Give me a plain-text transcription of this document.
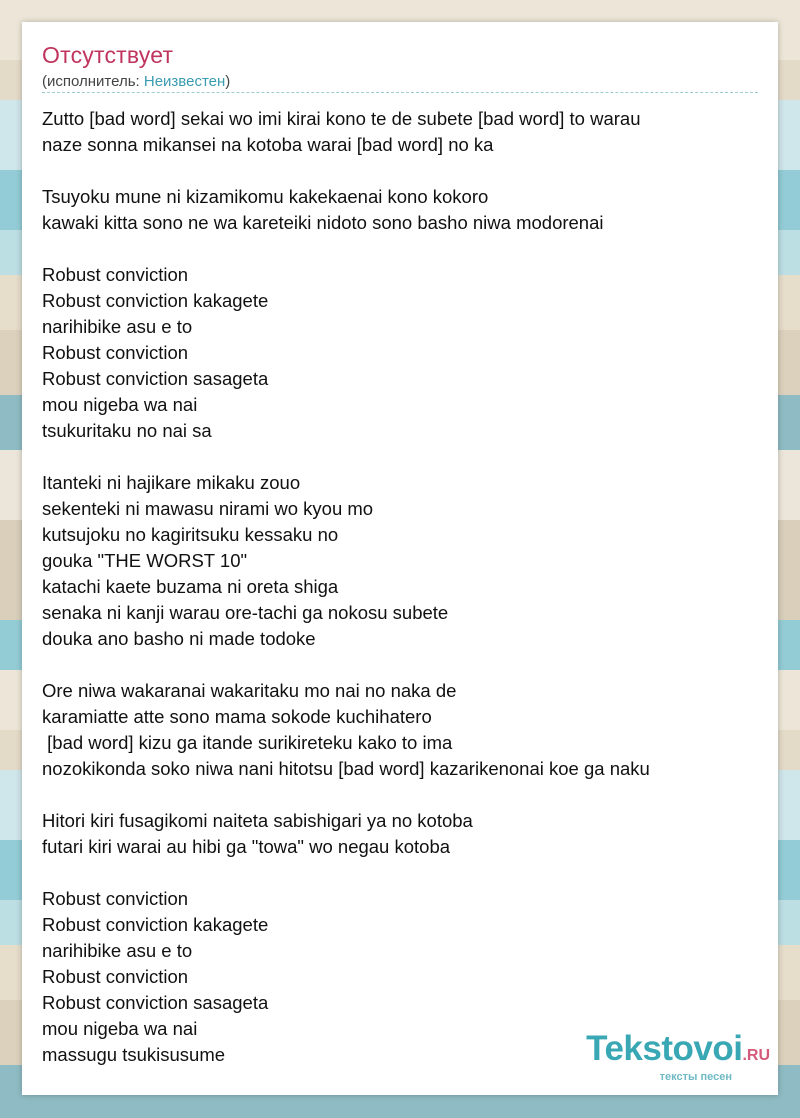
Отсутствует
(исполнитель: Неизвестен)
Zutto [bad word] sekai wo imi kirai kono te de subete [bad word] to warau
naze sonna mikansei na kotoba warai [bad word] no ka
Tsuyoku mune ni kizamikomu kakekaenai kono kokoro
kawaki kitta sono ne wa kareteiki nidoto sono basho niwa modorenai
Robust conviction
Robust conviction kakagete
narihibike asu e to
Robust conviction
Robust conviction sasageta
mou nigeba wa nai
tsukuritaku no nai sa
Itanteki ni hajikare mikaku zouo
sekenteki ni mawasu nirami wo kyou mo
kutsujoku no kagiritsuku kessaku no
gouka "THE WORST 10"
katachi kaete buzama ni oreta shiga
senaka ni kanji warau ore-tachi ga nokosu subete
douka ano basho ni made todoke
Ore niwa wakaranai wakaritaku mo nai no naka de
karamiatte atte sono mama sokode kuchihatero
[bad word] kizu ga itande surikireteku kako to ima
nozokikonda soko niwa nani hitotsu [bad word] kazarikenonai koe ga naku
Hitori kiri fusagikomi naiteta sabishigari ya no kotoba
futari kiri warai au hibi ga "towa" wo negau kotoba
Robust conviction
Robust conviction kakagete
narihibike asu e to
Robust conviction
Robust conviction sasageta
mou nigeba wa nai
massugu tsukisusume	Tekstovoi.RU
тексты песен
